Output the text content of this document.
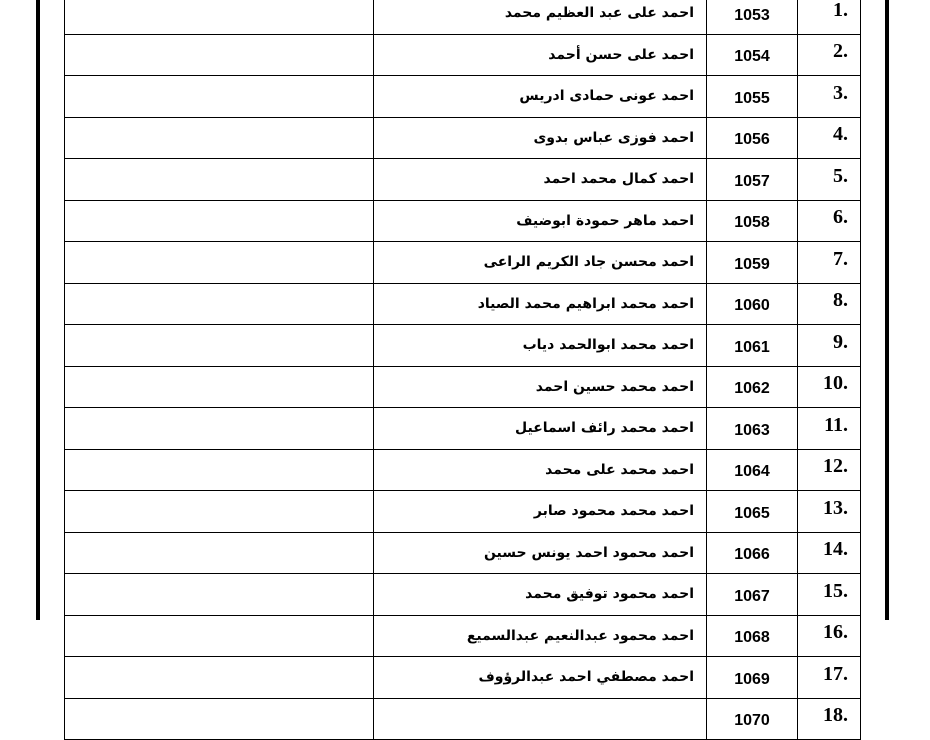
	احمد على عبد العظيم محمد	1053	1.
	احمد على حسن أحمد	1054	2.
	احمد عونى حمادى ادريس	1055	3.
	احمد فوزى عباس بدوى	1056	4.
	احمد كمال محمد احمد	1057	5.
	احمد ماهر حمودة ابوضيف	1058	6.
	احمد محسن جاد الكريم الراعى	1059	7.
	احمد محمد ابراهيم محمد الصياد	1060	8.
	احمد محمد ابوالحمد دياب	1061	9.
	احمد محمد حسين احمد	1062	10.
	احمد محمد رائف اسماعيل	1063	11.
	احمد محمد على محمد	1064	12.
	احمد محمد محمود صابر	1065	13.
	احمد محمود احمد يونس حسين	1066	14.
	احمد محمود توفيق محمد	1067	15.
	احمد محمود عبدالنعيم عبدالسميع	1068	16.
	احمد مصطفي احمد عبدالرؤوف	1069	17.
		1070	18.
